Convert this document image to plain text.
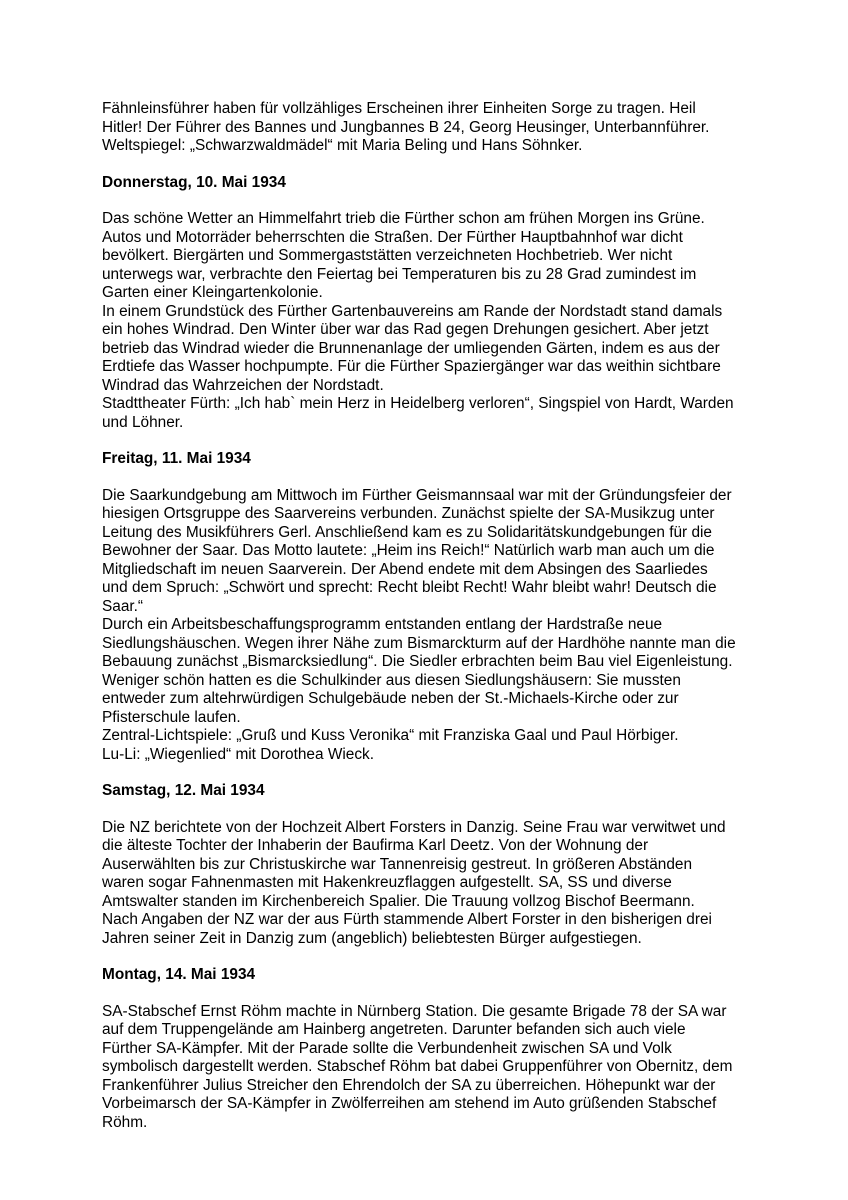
Fähnleinsführer haben für vollzähliges Erscheinen ihrer Einheiten Sorge zu tragen. Heil
Hitler! Der Führer des Bannes und Jungbannes B 24, Georg Heusinger, Unterbannführer.
Weltspiegel: „Schwarzwaldmädel“ mit Maria Beling und Hans Söhnker.
Donnerstag, 10. Mai 1934
Das schöne Wetter an Himmelfahrt trieb die Fürther schon am frühen Morgen ins Grüne.
Autos und Motorräder beherrschten die Straßen. Der Fürther Hauptbahnhof war dicht
bevölkert. Biergärten und Sommergaststätten verzeichneten Hochbetrieb. Wer nicht
unterwegs war, verbrachte den Feiertag bei Temperaturen bis zu 28 Grad zumindest im
Garten einer Kleingartenkolonie.
In einem Grundstück des Fürther Gartenbauvereins am Rande der Nordstadt stand damals
ein hohes Windrad. Den Winter über war das Rad gegen Drehungen gesichert. Aber jetzt
betrieb das Windrad wieder die Brunnenanlage der umliegenden Gärten, indem es aus der
Erdtiefe das Wasser hochpumpte. Für die Fürther Spaziergänger war das weithin sichtbare
Windrad das Wahrzeichen der Nordstadt.
Stadttheater Fürth: „Ich hab` mein Herz in Heidelberg verloren“, Singspiel von Hardt, Warden
und Löhner.
Freitag, 11. Mai 1934
Die Saarkundgebung am Mittwoch im Fürther Geismannsaal war mit der Gründungsfeier der
hiesigen Ortsgruppe des Saarvereins verbunden. Zunächst spielte der SA-Musikzug unter
Leitung des Musikführers Gerl. Anschließend kam es zu Solidaritätskundgebungen für die
Bewohner der Saar. Das Motto lautete: „Heim ins Reich!“ Natürlich warb man auch um die
Mitgliedschaft im neuen Saarverein. Der Abend endete mit dem Absingen des Saarliedes
und dem Spruch: „Schwört und sprecht: Recht bleibt Recht! Wahr bleibt wahr! Deutsch die
Saar.“
Durch ein Arbeitsbeschaffungsprogramm entstanden entlang der Hardstraße neue
Siedlungshäuschen. Wegen ihrer Nähe zum Bismarckturm auf der Hardhöhe nannte man die
Bebauung zunächst „Bismarcksiedlung“. Die Siedler erbrachten beim Bau viel Eigenleistung.
Weniger schön hatten es die Schulkinder aus diesen Siedlungshäusern: Sie mussten
entweder zum altehrwürdigen Schulgebäude neben der St.-Michaels-Kirche oder zur
Pfisterschule laufen.
Zentral-Lichtspiele: „Gruß und Kuss Veronika“ mit Franziska Gaal und Paul Hörbiger.
Lu-Li: „Wiegenlied“ mit Dorothea Wieck.
Samstag, 12. Mai 1934
Die NZ berichtete von der Hochzeit Albert Forsters in Danzig. Seine Frau war verwitwet und
die älteste Tochter der Inhaberin der Baufirma Karl Deetz. Von der Wohnung der
Auserwählten bis zur Christuskirche war Tannenreisig gestreut. In größeren Abständen
waren sogar Fahnenmasten mit Hakenkreuzflaggen aufgestellt. SA, SS und diverse
Amtswalter standen im Kirchenbereich Spalier. Die Trauung vollzog Bischof Beermann.
Nach Angaben der NZ war der aus Fürth stammende Albert Forster in den bisherigen drei
Jahren seiner Zeit in Danzig zum (angeblich) beliebtesten Bürger aufgestiegen.
Montag, 14. Mai 1934
SA-Stabschef Ernst Röhm machte in Nürnberg Station. Die gesamte Brigade 78 der SA war
auf dem Truppengelände am Hainberg angetreten. Darunter befanden sich auch viele
Fürther SA-Kämpfer. Mit der Parade sollte die Verbundenheit zwischen SA und Volk
symbolisch dargestellt werden. Stabschef Röhm bat dabei Gruppenführer von Obernitz, dem
Frankenführer Julius Streicher den Ehrendolch der SA zu überreichen. Höhepunkt war der
Vorbeimarsch der SA-Kämpfer in Zwölferreihen am stehend im Auto grüßenden Stabschef
Röhm.
